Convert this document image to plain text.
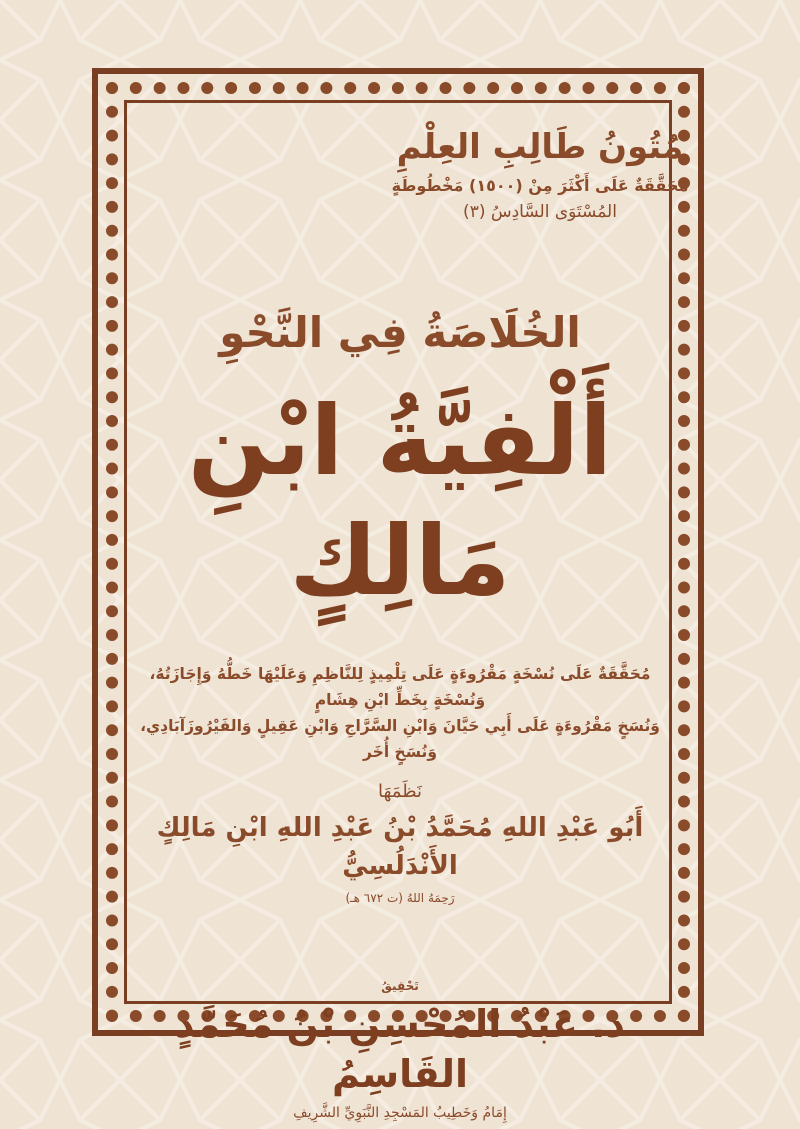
مُتُونُ طَالِبِ العِلْمِ
مُحَقَّقَةٌ عَلَى أَكْثَرَ مِنْ (١٥٠٠) مَخْطُوطَةٍ
المُسْتَوَى السَّادِسُ (٣)
الخُلَاصَةُ فِي النَّحْوِ
أَلْفِيَّةُ ابْنِ مَالِكٍ
مُحَقَّقَةٌ عَلَى نُسْخَةٍ مَقْرُوءَةٍ عَلَى تِلْمِيذٍ لِلنَّاظِمِ وَعَلَيْهَا خَطُّهُ وَإِجَازَتُهُ، وَنُسْخَةٍ بِخَطِّ ابْنِ هِشَامٍ
وَنُسَخٍ مَقْرُوءَةٍ عَلَى أَبِي حَيَّانَ وَابْنِ السَّرَّاجِ وَابْنِ عَقِيلٍ وَالفَيْرُوزَآبَادِي، وَنُسَخٍ أُخَر
نَظَمَهَا
أَبُو عَبْدِ اللهِ مُحَمَّدُ بْنُ عَبْدِ اللهِ ابْنِ مَالِكٍ الأَنْدَلُسِيُّ
رَحِمَهُ اللهُ (ت ٦٧٢ هـ)
تَحْقِيقُ
د. عَبْدُ المُحْسِنِ بْنُ مُحَمَّدٍ القَاسِمُ
إِمَامُ وَخَطِيبُ المَسْجِدِ النَّبَوِيِّ الشَّرِيفِ
